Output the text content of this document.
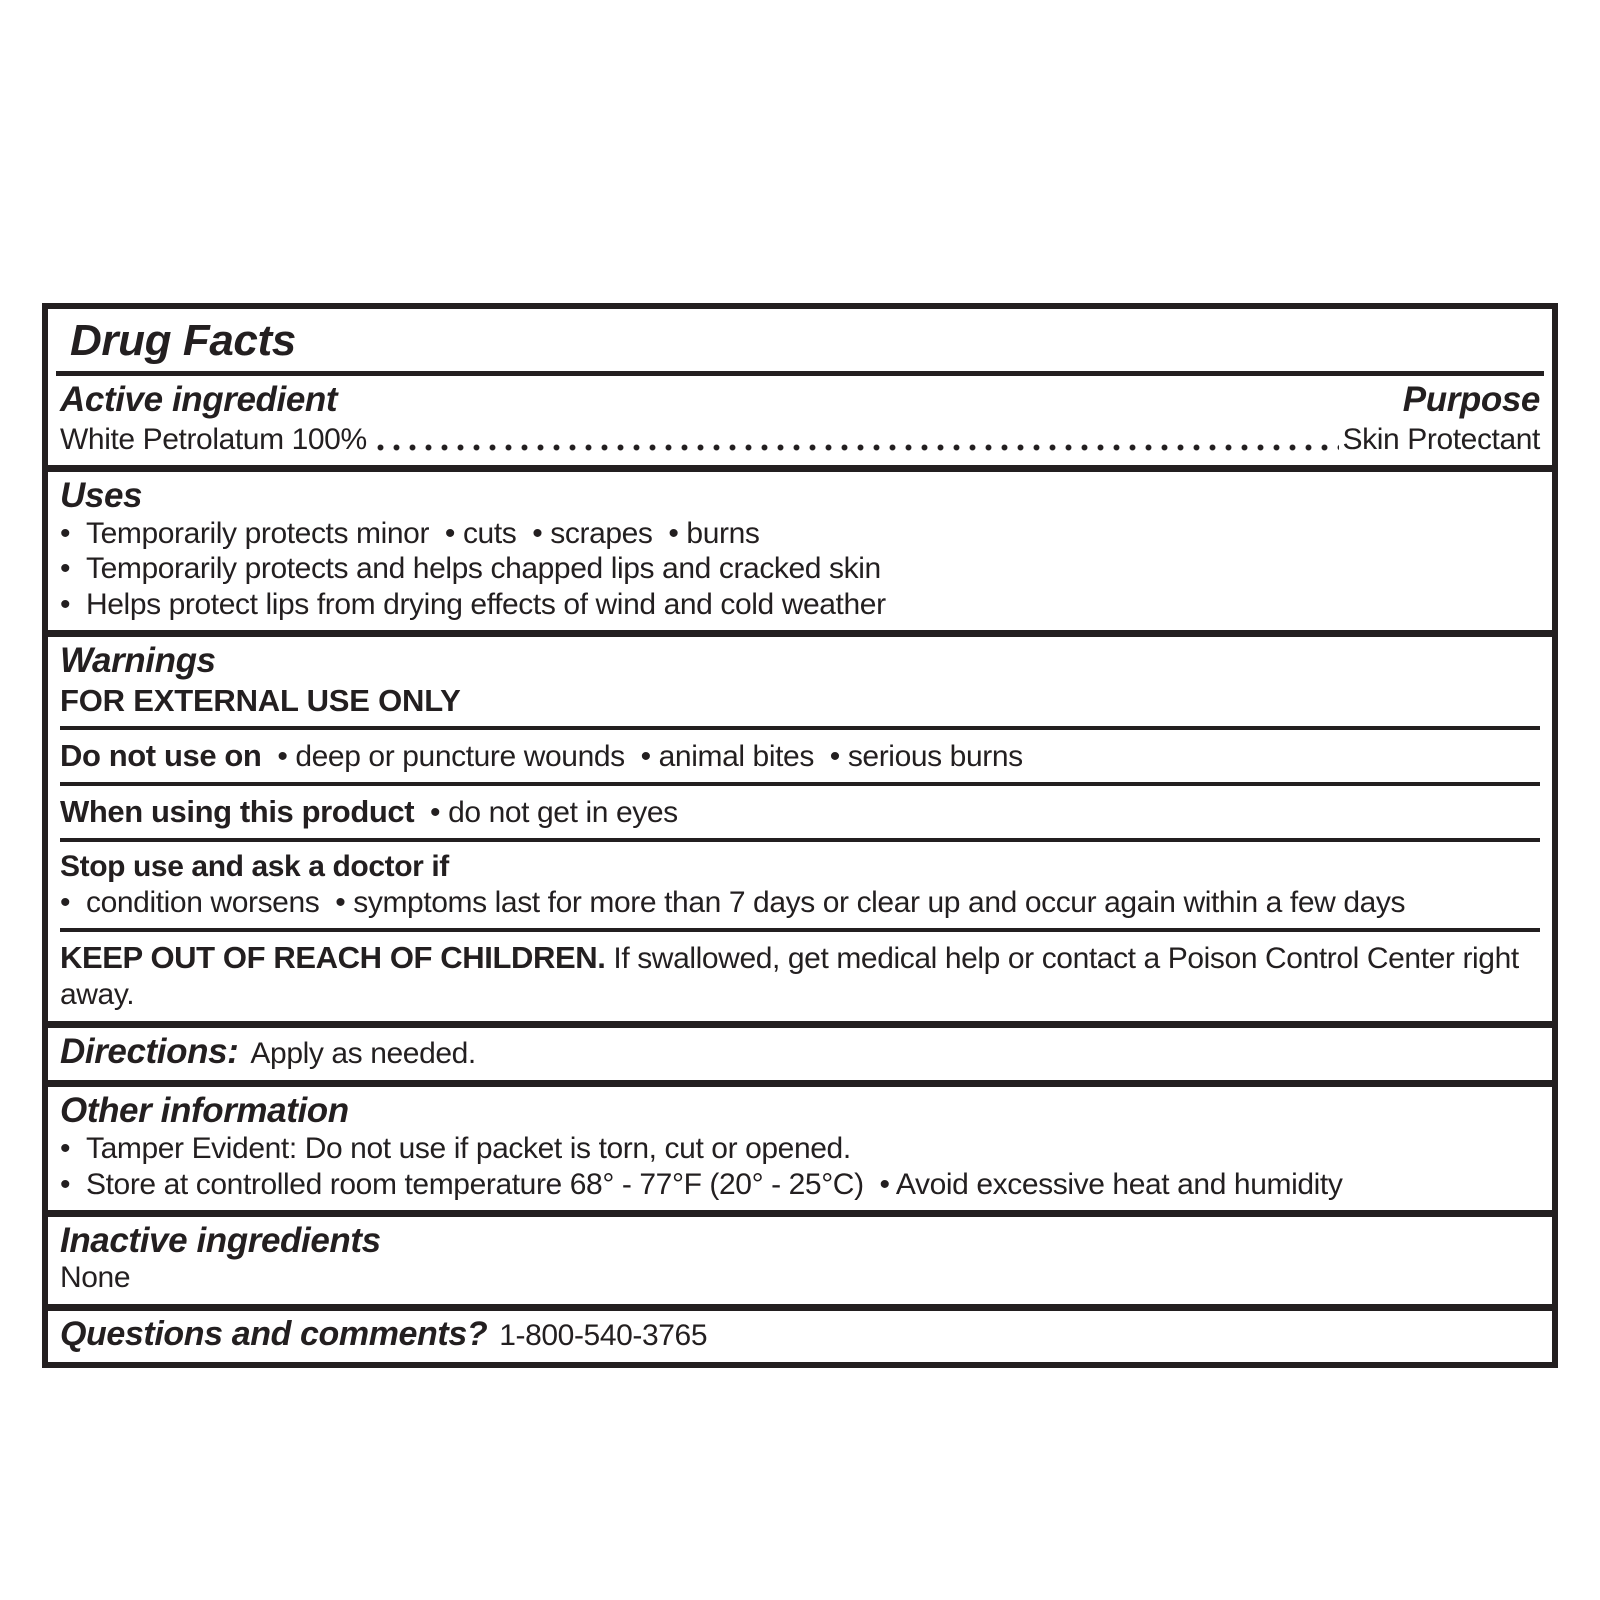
Drug Facts
Active ingredient	Purpose
White Petrolatum 100%	Skin Protectant
Uses
• Temporarily protects minor  • cuts  • scrapes  • burns
• Temporarily protects and helps chapped lips and cracked skin
• Helps protect lips from drying effects of wind and cold weather
Warnings
FOR EXTERNAL USE ONLY
Do not use on  • deep or puncture wounds  • animal bites  • serious burns
When using this product  • do not get in eyes
Stop use and ask a doctor if
• condition worsens  • symptoms last for more than 7 days or clear up and occur again within a few days
KEEP OUT OF REACH OF CHILDREN. If swallowed, get medical help or contact a Poison Control Center right away.
Directions: Apply as needed.
Other information
• Tamper Evident: Do not use if packet is torn, cut or opened.
• Store at controlled room temperature 68° - 77°F (20° - 25°C)  • Avoid excessive heat and humidity
Inactive ingredients
None
Questions and comments? 1-800-540-3765
